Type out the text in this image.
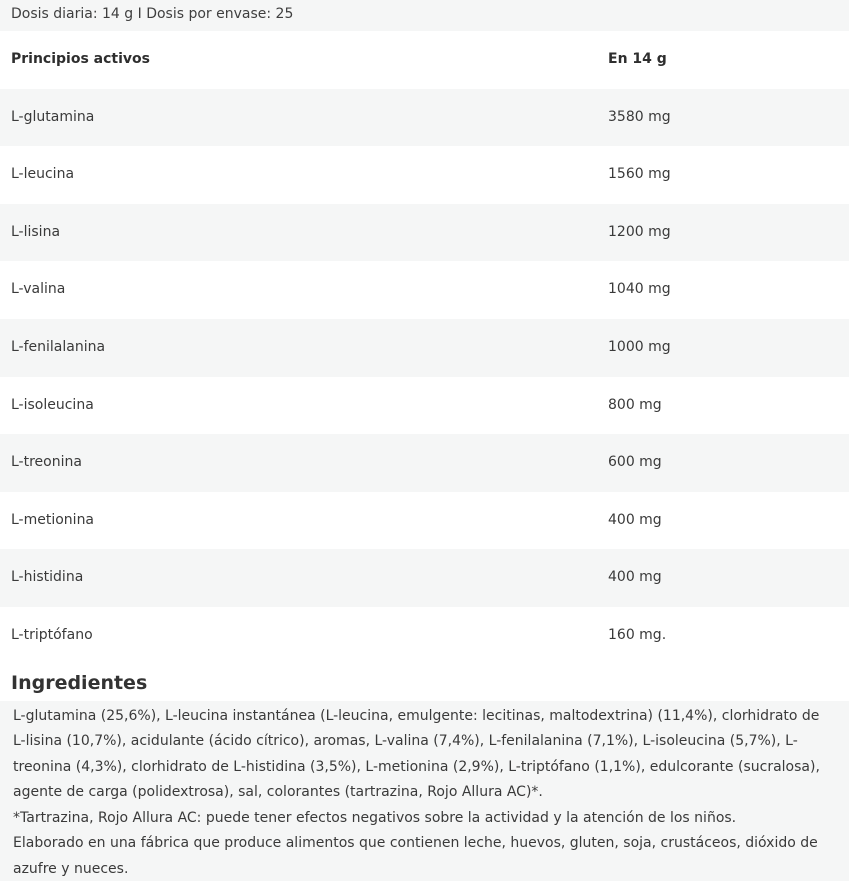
Dosis diaria: 14 g I Dosis por envase: 25
Principios activos	En 14 g
L-glutamina	3580 mg
L-leucina	1560 mg
L-lisina	1200 mg
L-valina	1040 mg
L-fenilalanina	1000 mg
L-isoleucina	800 mg
L-treonina	600 mg
L-metionina	400 mg
L-histidina	400 mg
L-triptófano	160 mg.
Ingredientes

L-glutamina (25,6%), L-leucina instantánea (L-leucina, emulgente: lecitinas, maltodextrina) (11,4%), clorhidrato de L-lisina (10,7%), acidulante (ácido cítrico), aromas, L-valina (7,4%), L-fenilalanina (7,1%), L-isoleucina (5,7%), L-treonina (4,3%), clorhidrato de L-histidina (3,5%), L-metionina (2,9%), L-triptófano (1,1%), edulcorante (sucralosa), agente de carga (polidextrosa), sal, colorantes (tartrazina, Rojo Allura AC)*.

*Tartrazina, Rojo Allura AC: puede tener efectos negativos sobre la actividad y la atención de los niños.

Elaborado en una fábrica que produce alimentos que contienen leche, huevos, gluten, soja, crustáceos, dióxido de azufre y nueces.
